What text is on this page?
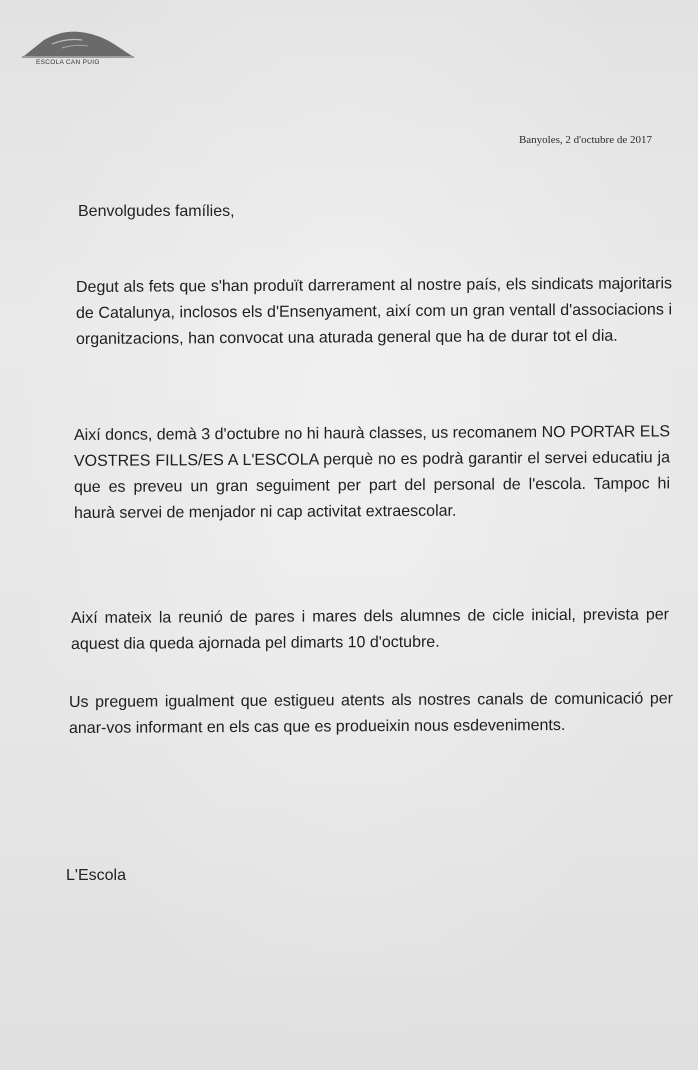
ESCOLA CAN PUIG
Banyoles, 2 d'octubre de 2017
Benvolgudes famílies,
Degut als fets que s'han produït darrerament al nostre país, els sindicats majoritaris de Catalunya, inclosos els d'Ensenyament, així com un gran ventall d'associacions i organitzacions, han convocat una aturada general que ha de durar tot el dia.
Així doncs, demà 3 d'octubre no hi haurà classes, us recomanem NO PORTAR ELS VOSTRES FILLS/ES A L'ESCOLA perquè no es podrà garantir el servei educatiu ja que es preveu un gran seguiment per part del personal de l'escola. Tampoc hi haurà servei de menjador ni cap activitat extraescolar.
Així mateix la reunió de pares i mares dels alumnes de cicle inicial, prevista per aquest dia queda ajornada pel dimarts 10 d'octubre.
Us preguem igualment que estigueu atents als nostres canals de comunicació per anar-vos informant en els cas que es produeixin nous esdeveniments.
L'Escola
